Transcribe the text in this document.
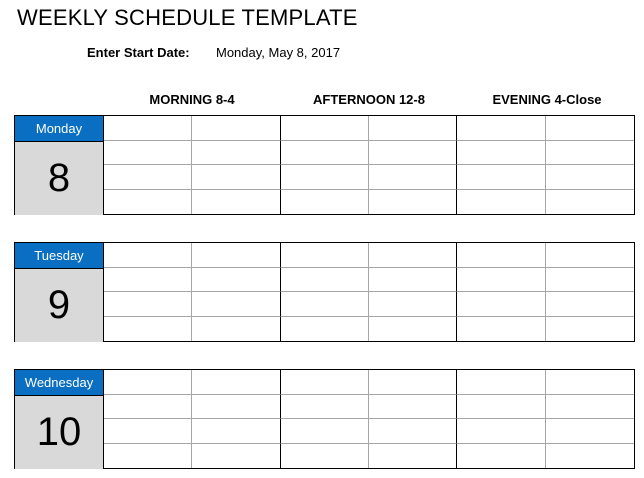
WEEKLY SCHEDULE TEMPLATE
Enter Start Date: Monday, May 8, 2017
MORNING 8-4	AFTERNOON 12-8	EVENING 4-Close
Monday
8
Tuesday
9
Wednesday
10
